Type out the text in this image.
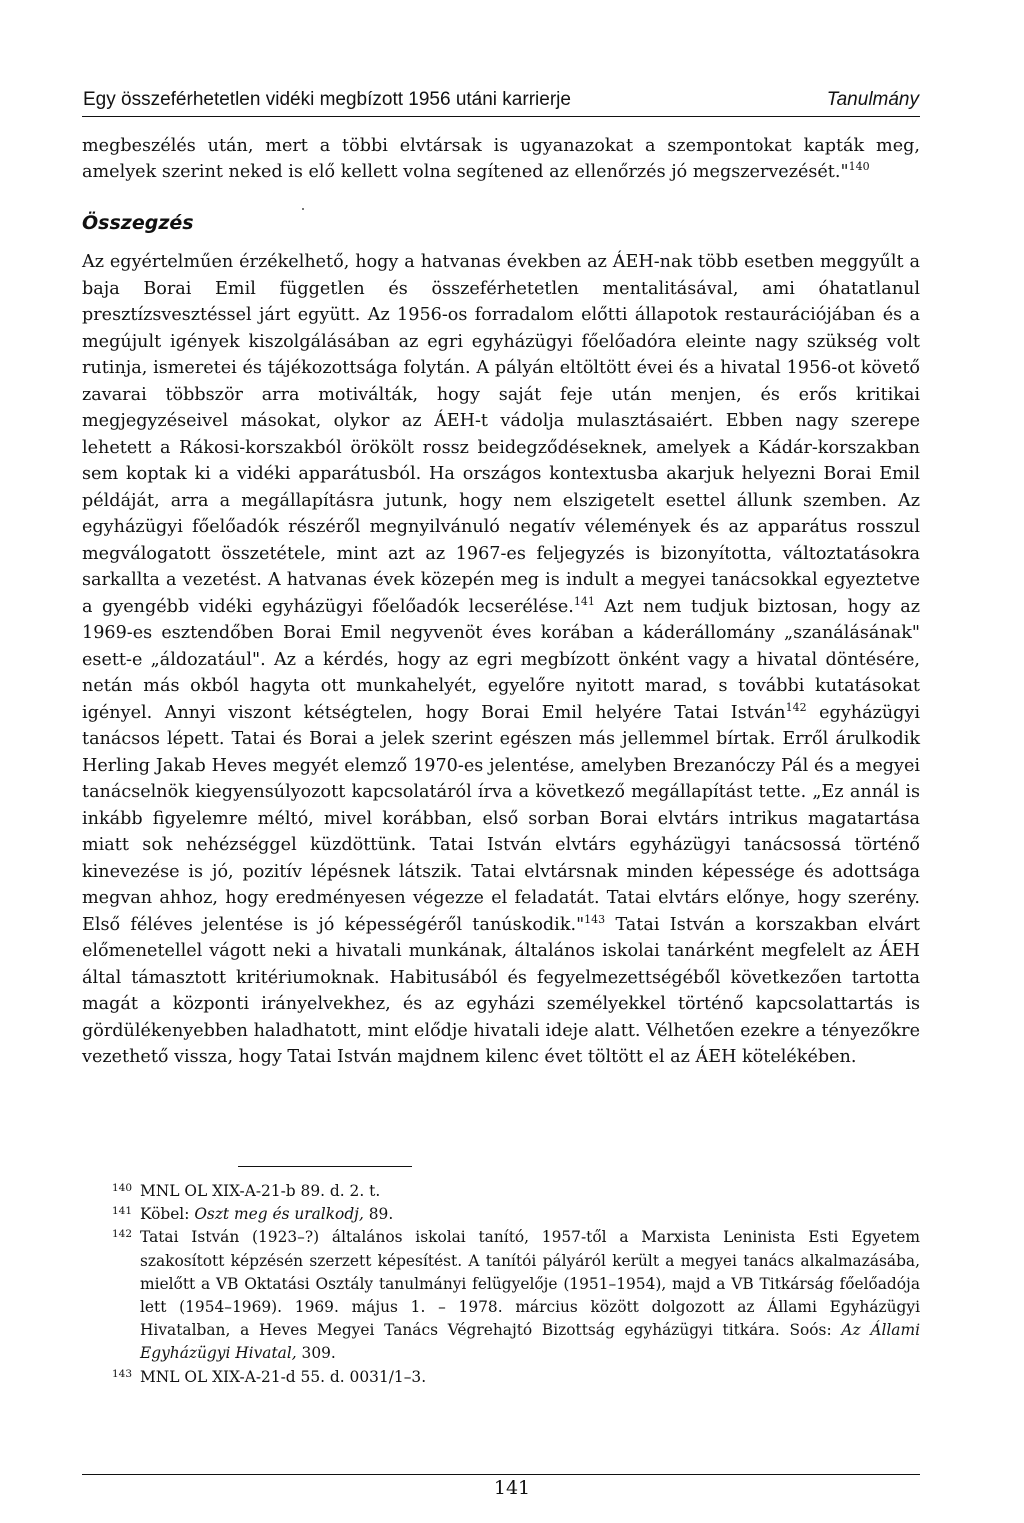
Egy összeférhetetlen vidéki megbízott 1956 utáni karrierje	Tanulmány

megbeszélés után, mert a többi elvtársak is ugyanazokat a szempontokat kapták meg, amelyek szerint neked is elő kellett volna segítened az ellenőrzés jó megszervezését."$^{140}$

Összegzés

Az egyértelműen érzékelhető, hogy a hatvanas években az ÁEH-nak több esetben meggyűlt a baja Borai Emil független és összeférhetetlen mentalitásával, ami óhatatlanul presztízsvesztéssel járt együtt. Az 1956-os forradalom előtti állapotok restaurációjában és a megújult igények kiszolgálásában az egri egyházügyi főelőadóra eleinte nagy szükség volt rutinja, ismeretei és tájékozottsága folytán. A pályán eltöltött évei és a hivatal 1956-ot követő zavarai többször arra motiválták, hogy saját feje után menjen, és erős kritikai megjegyzéseivel másokat, olykor az ÁEH-t vádolja mulasztásaiért. Ebben nagy szerepe lehetett a Rákosi-korszakból örökölt rossz beidegződéseknek, amelyek a Kádár-korszakban sem koptak ki a vidéki apparátusból. Ha országos kontextusba akarjuk helyezni Borai Emil példáját, arra a megállapításra jutunk, hogy nem elszigetelt esettel állunk szemben. Az egyházügyi főelőadók részéről megnyilvánuló negatív vélemények és az apparátus rosszul megválogatott összetétele, mint azt az 1967-es feljegyzés is bizonyította, változtatásokra sarkallta a vezetést. A hatvanas évek közepén meg is indult a megyei tanácsokkal egyeztetve a gyengébb vidéki egyházügyi főelőadók lecserélése.$^{141}$ Azt nem tudjuk biztosan, hogy az 1969-es esztendőben Borai Emil negyvenöt éves korában a káderállomány „szanálásának" esett-e „áldozatául". Az a kérdés, hogy az egri megbízott önként vagy a hivatal döntésére, netán más okból hagyta ott munkahelyét, egyelőre nyitott marad, s további kutatásokat igényel. Annyi viszont kétségtelen, hogy Borai Emil helyére Tatai István$^{142}$ egyházügyi tanácsos lépett. Tatai és Borai a jelek szerint egészen más jellemmel bírtak. Erről árulkodik Herling Jakab Heves megyét elemző 1970-es jelentése, amelyben Brezanóczy Pál és a megyei tanácselnök kiegyensúlyozott kapcsolatáról írva a következő megállapítást tette. „Ez annál is inkább figyelemre méltó, mivel korábban, első sorban Borai elvtárs intrikus magatartása miatt sok nehézséggel küzdöttünk. Tatai István elvtárs egyházügyi tanácsossá történő kinevezése is jó, pozitív lépésnek látszik. Tatai elvtársnak minden képessége és adottsága megvan ahhoz, hogy eredményesen végezze el feladatát. Tatai elvtárs előnye, hogy szerény. Első féléves jelentése is jó képességéről tanúskodik."$^{143}$ Tatai István a korszakban elvárt előmenetellel vágott neki a hivatali munkának, általános iskolai tanárként megfelelt az ÁEH által támasztott kritériumoknak. Habitusából és fegyelmezettségéből következően tartotta magát a központi irányelvekhez, és az egyházi személyekkel történő kapcsolattartás is gördülékenyebben haladhatott, mint elődje hivatali ideje alatt. Vélhetően ezekre a tényezőkre vezethető vissza, hogy Tatai István majdnem kilenc évet töltött el az ÁEH kötelékében.

140 MNL OL XIX-A-21-b 89. d. 2. t.

141 Köbel: Oszt meg és uralkodj, 89.

142 Tatai István (1923–?) általános iskolai tanító, 1957-től a Marxista Leninista Esti Egyetem szakosított képzésén szerzett képesítést. A tanítói pályáról került a megyei tanács alkalmazásába, mielőtt a VB Oktatási Osztály tanulmányi felügyelője (1951–1954), majd a VB Titkárság főelőadója lett (1954–1969). 1969. május 1. – 1978. március között dolgozott az Állami Egyházügyi Hivatalban, a Heves Megyei Tanács Végrehajtó Bizottság egyházügyi titkára. Soós: Az Állami Egyházügyi Hivatal, 309.

143 MNL OL XIX-A-21-d 55. d. 0031/1–3.

141
